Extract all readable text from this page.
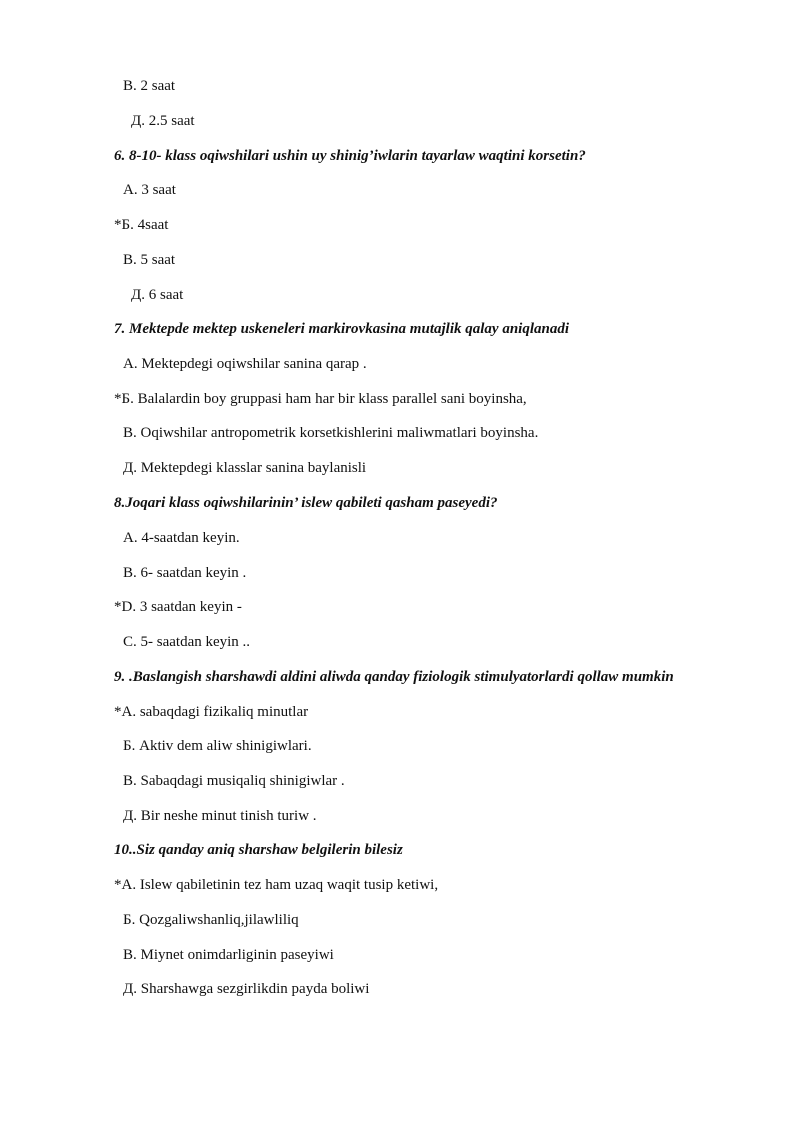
В. 2 saat
Д. 2.5 saat
6. 8-10- klass oqiwshilari ushin uy shinig’iwlarin tayarlaw waqtini korsetin?
A. 3 saat
*Б. 4saat
В. 5 saat
Д. 6 saat
7. Mektepde mektep uskeneleri markirovkasina mutajlik qalay aniqlanadi
A. Mektepdegi oqiwshilar sanina qarap .
*Б. Balalardin boy gruppasi ham har bir klass parallel sani boyinsha,
В. Oqiwshilar antropometrik korsetkishlerini maliwmatlari boyinsha.
Д. Mektepdegi klasslar sanina baylanisli
8.Joqari klass oqiwshilarinin’ islew qabileti qasham paseyedi?
A. 4-saatdan keyin.
B. 6- saatdan keyin .
*D. 3 saatdan keyin -
C. 5- saatdan keyin ..
9. .Baslangish sharshawdi aldini aliwda qanday fiziologik stimulyatorlardi qollaw mumkin
*A. sabaqdagi fizikaliq minutlar
Б. Aktiv dem aliw shinigiwlari.
В. Sabaqdagi musiqaliq shinigiwlar .
Д. Bir neshe minut tinish turiw .
10..Siz qanday aniq sharshaw belgilerin bilesiz
*A. Islew qabiletinin tez ham uzaq waqit tusip ketiwi,
Б. Qozgaliwshanliq,jilawliliq
В. Miynet onimdarliginin paseyiwi
Д. Sharshawga sezgirlikdin payda boliwi
